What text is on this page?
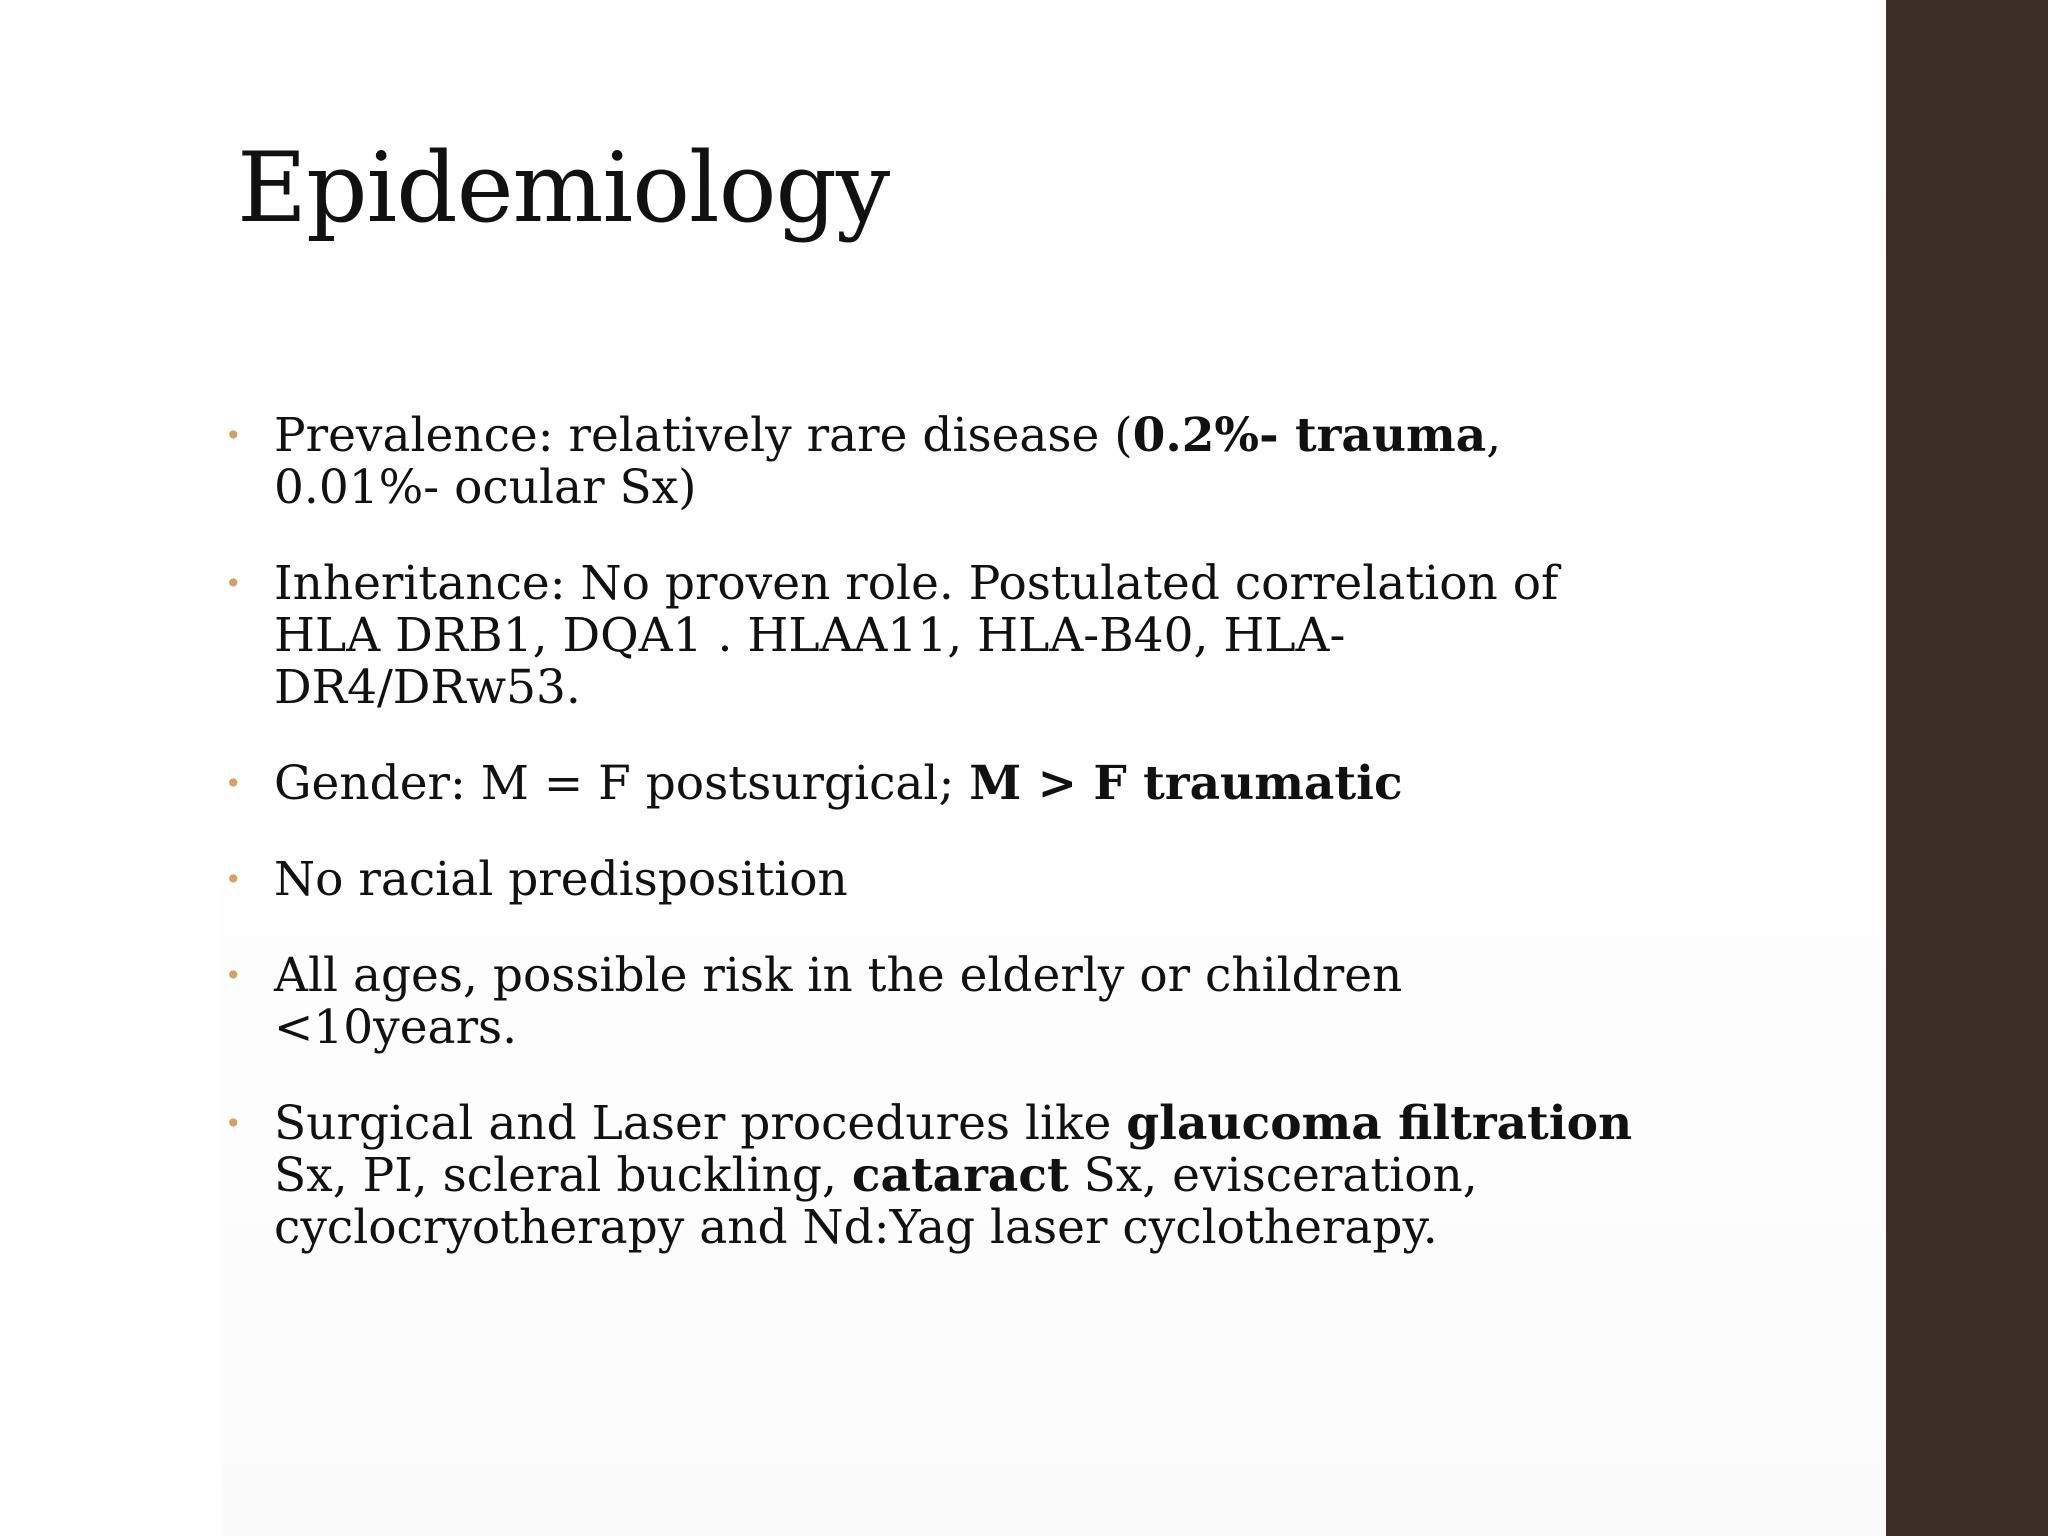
Epidemiology
• Prevalence: relatively rare disease (0.2%- trauma, 0.01%- ocular Sx)
• Inheritance: No proven role. Postulated correlation of HLA DRB1, DQA1 . HLAA11, HLA-B40, HLA-DR4/DRw53.
• Gender: M = F postsurgical; M > F traumatic
• No racial predisposition
• All ages, possible risk in the elderly or children <10years.
• Surgical and Laser procedures like glaucoma filtration Sx, PI, scleral buckling, cataract Sx, evisceration, cyclocryotherapy and Nd:Yag laser cyclotherapy.
